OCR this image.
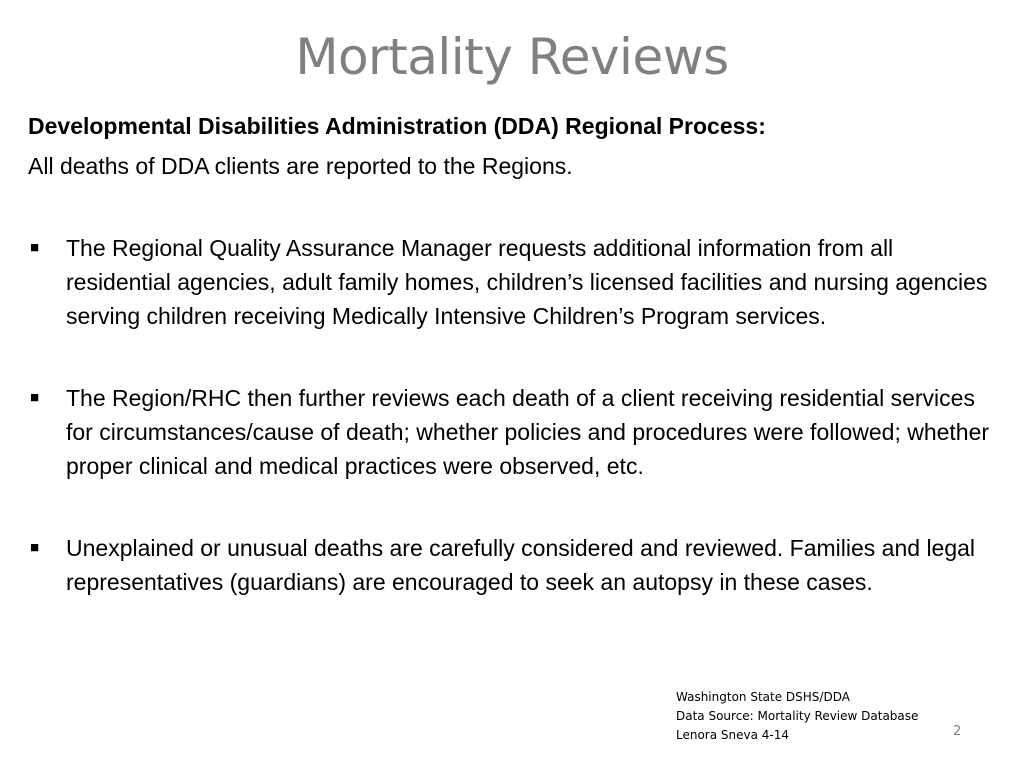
Mortality Reviews
Developmental Disabilities Administration (DDA) Regional Process:
All deaths of DDA clients are reported to the Regions.
■ The Regional Quality Assurance Manager requests additional information from all residential agencies, adult family homes, children’s licensed facilities and nursing agencies serving children receiving Medically Intensive Children’s Program services.
■ The Region/RHC then further reviews each death of a client receiving residential services for circumstances/cause of death; whether policies and procedures were followed; whether proper clinical and medical practices were observed, etc.
■ Unexplained or unusual deaths are carefully considered and reviewed. Families and legal representatives (guardians) are encouraged to seek an autopsy in these cases.
Washington State DSHS/DDA
Data Source: Mortality Review Database
Lenora Sneva 4-14	2
